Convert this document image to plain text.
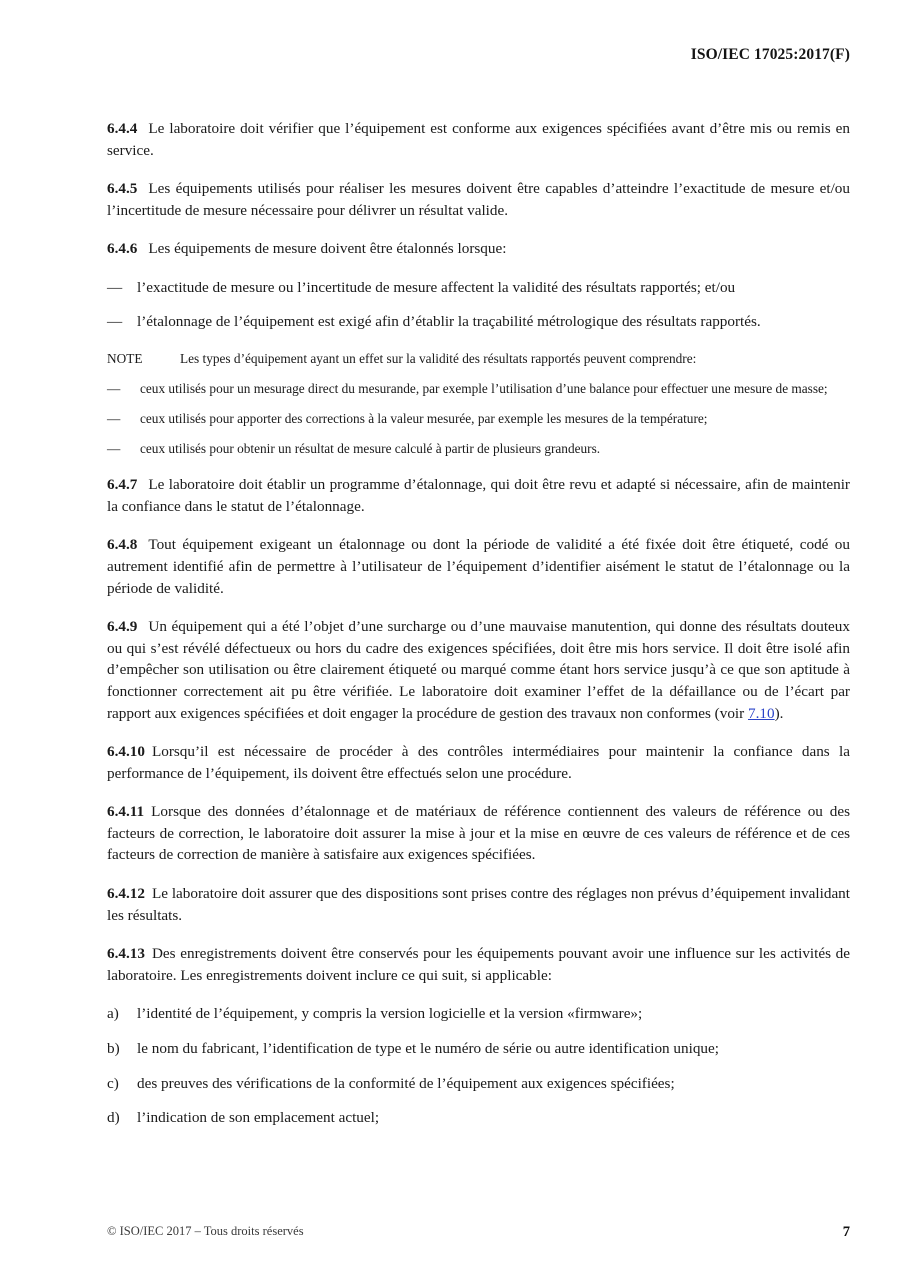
ISO/IEC 17025:2017(F)

6.4.4 Le laboratoire doit vérifier que l’équipement est conforme aux exigences spécifiées avant d’être mis ou remis en service.

6.4.5 Les équipements utilisés pour réaliser les mesures doivent être capables d’atteindre l’exactitude de mesure et/ou l’incertitude de mesure nécessaire pour délivrer un résultat valide.

6.4.6 Les équipements de mesure doivent être étalonnés lorsque:

— l’exactitude de mesure ou l’incertitude de mesure affectent la validité des résultats rapportés; et/ou
— l’étalonnage de l’équipement est exigé afin d’établir la traçabilité métrologique des résultats rapportés.
NOTE	Les types d’équipement ayant un effet sur la validité des résultats rapportés peuvent comprendre:
— ceux utilisés pour un mesurage direct du mesurande, par exemple l’utilisation d’une balance pour effectuer une mesure de masse;
— ceux utilisés pour apporter des corrections à la valeur mesurée, par exemple les mesures de la température;
— ceux utilisés pour obtenir un résultat de mesure calculé à partir de plusieurs grandeurs.

6.4.7 Le laboratoire doit établir un programme d’étalonnage, qui doit être revu et adapté si nécessaire, afin de maintenir la confiance dans le statut de l’étalonnage.

6.4.8 Tout équipement exigeant un étalonnage ou dont la période de validité a été fixée doit être étiqueté, codé ou autrement identifié afin de permettre à l’utilisateur de l’équipement d’identifier aisément le statut de l’étalonnage ou la période de validité.

6.4.9 Un équipement qui a été l’objet d’une surcharge ou d’une mauvaise manutention, qui donne des résultats douteux ou qui s’est révélé défectueux ou hors du cadre des exigences spécifiées, doit être mis hors service. Il doit être isolé afin d’empêcher son utilisation ou être clairement étiqueté ou marqué comme étant hors service jusqu’à ce que son aptitude à fonctionner correctement ait pu être vérifiée. Le laboratoire doit examiner l’effet de la défaillance ou de l’écart par rapport aux exigences spécifiées et doit engager la procédure de gestion des travaux non conformes (voir 7.10).

6.4.10 Lorsqu’il est nécessaire de procéder à des contrôles intermédiaires pour maintenir la confiance dans la performance de l’équipement, ils doivent être effectués selon une procédure.

6.4.11 Lorsque des données d’étalonnage et de matériaux de référence contiennent des valeurs de référence ou des facteurs de correction, le laboratoire doit assurer la mise à jour et la mise en œuvre de ces valeurs de référence et de ces facteurs de correction de manière à satisfaire aux exigences spécifiées.

6.4.12 Le laboratoire doit assurer que des dispositions sont prises contre des réglages non prévus d’équipement invalidant les résultats.

6.4.13 Des enregistrements doivent être conservés pour les équipements pouvant avoir une influence sur les activités de laboratoire. Les enregistrements doivent inclure ce qui suit, si applicable:

a) l’identité de l’équipement, y compris la version logicielle et la version «firmware»;
b) le nom du fabricant, l’identification de type et le numéro de série ou autre identification unique;
c) des preuves des vérifications de la conformité de l’équipement aux exigences spécifiées;
d) l’indication de son emplacement actuel;
© ISO/IEC 2017 – Tous droits réservés	7
